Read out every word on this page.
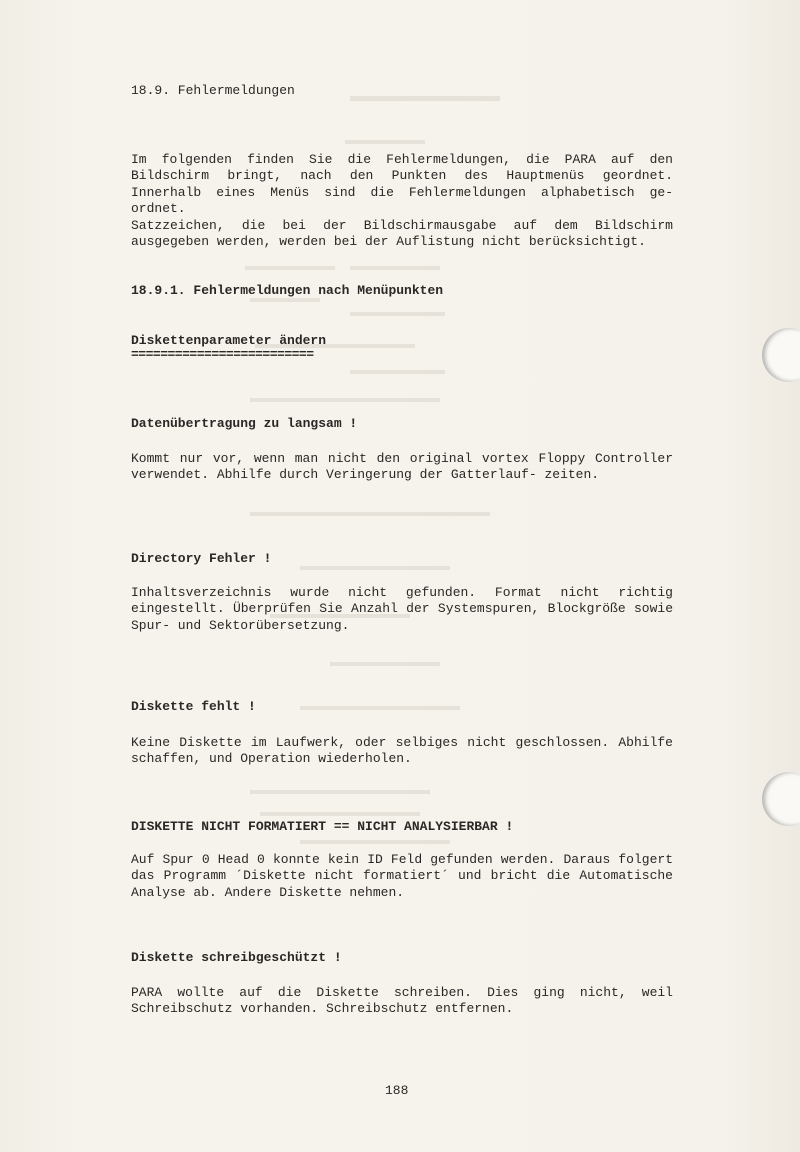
18.9. Fehlermeldungen
Im folgenden finden Sie die Fehlermeldungen, die PARA auf den Bildschirm bringt, nach den Punkten des Hauptmenüs geordnet. Innerhalb eines Menüs sind die Fehlermeldungen alphabetisch ge- ordnet.
Satzzeichen, die bei der Bildschirmausgabe auf dem Bildschirm ausgegeben werden, werden bei der Auflistung nicht berücksichtigt.
18.9.1. Fehlermeldungen nach Menüpunkten
Diskettenparameter ändern
=========================
Datenübertragung zu langsam !
Kommt nur vor, wenn man nicht den original vortex Floppy Controller verwendet. Abhilfe durch Veringerung der Gatterlauf- zeiten.
Directory Fehler !
Inhaltsverzeichnis wurde nicht gefunden. Format nicht richtig eingestellt. Überprüfen Sie Anzahl der Systemspuren, Blockgröße sowie Spur- und Sektorübersetzung.
Diskette fehlt !
Keine Diskette im Laufwerk, oder selbiges nicht geschlossen. Abhilfe schaffen, und Operation wiederholen.
DISKETTE NICHT FORMATIERT == NICHT ANALYSIERBAR !
Auf Spur 0 Head 0 konnte kein ID Feld gefunden werden. Daraus folgert das Programm ´Diskette nicht formatiert´ und bricht die Automatische Analyse ab. Andere Diskette nehmen.
Diskette schreibgeschützt !
PARA wollte auf die Diskette schreiben. Dies ging nicht, weil Schreibschutz vorhanden. Schreibschutz entfernen.
188
